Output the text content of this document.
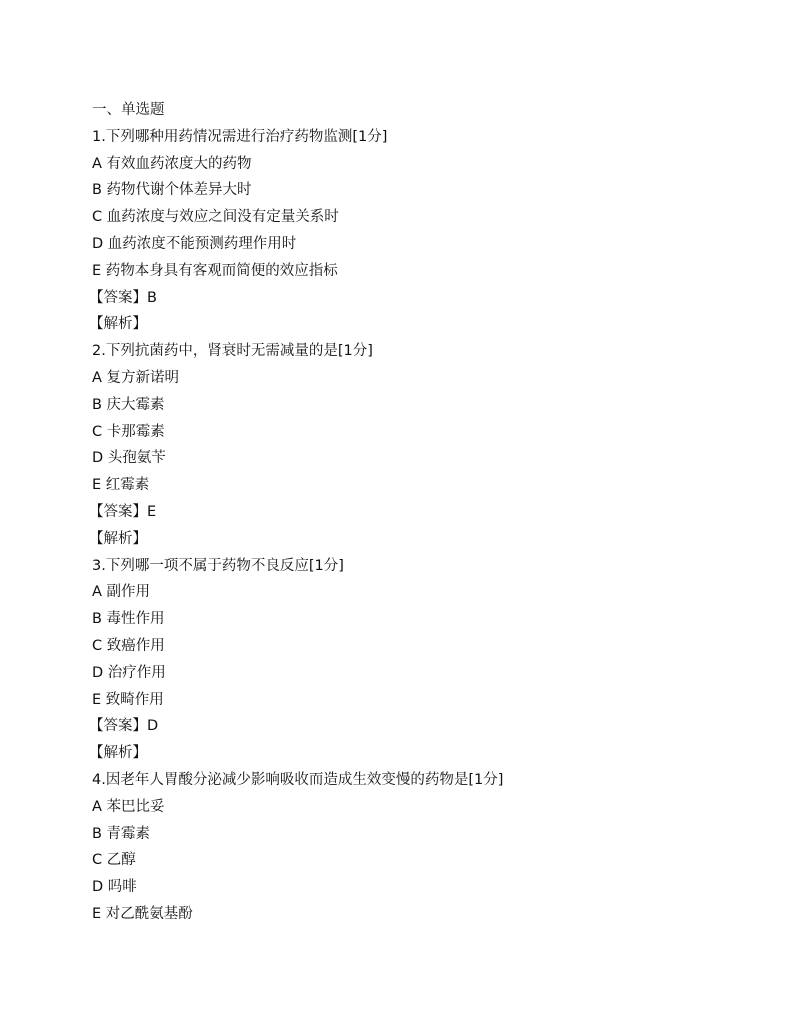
一、单选题
1.下列哪种用药情况需进行治疗药物监测[1分]
A 有效血药浓度大的药物
B 药物代谢个体差异大时
C 血药浓度与效应之间没有定量关系时
D 血药浓度不能预测药理作用时
E 药物本身具有客观而简便的效应指标
【答案】B
【解析】
2.下列抗菌药中，肾衰时无需减量的是[1分]
A 复方新诺明
B 庆大霉素
C 卡那霉素
D 头孢氨苄
E 红霉素
【答案】E
【解析】
3.下列哪一项不属于药物不良反应[1分]
A 副作用
B 毒性作用
C 致癌作用
D 治疗作用
E 致畸作用
【答案】D
【解析】
4.因老年人胃酸分泌减少影响吸收而造成生效变慢的药物是[1分]
A 苯巴比妥
B 青霉素
C 乙醇
D 吗啡
E 对乙酰氨基酚
